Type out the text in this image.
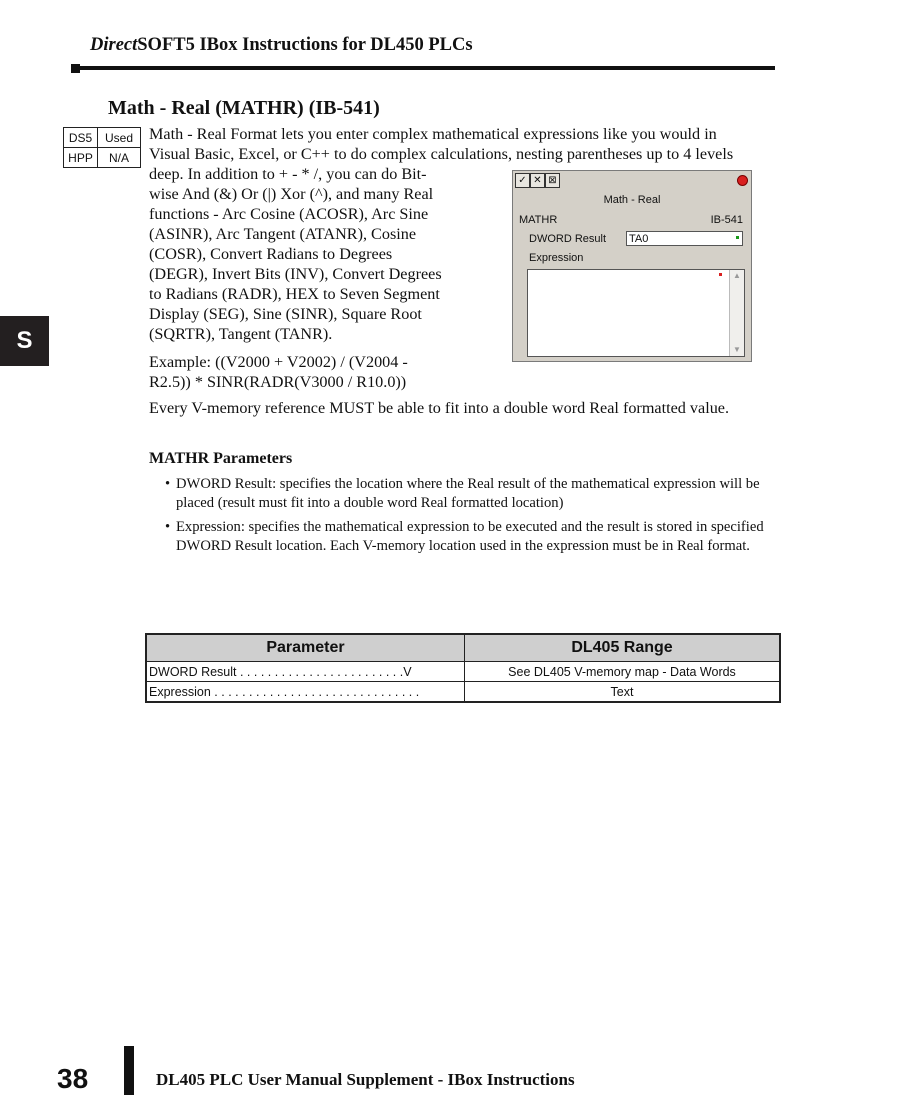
DirectSOFT5 IBox Instructions for DL450 PLCs
S
Math - Real (MATHR) (IB-541)
DS5	Used
HPP	N/A
Math - Real Format lets you enter complex mathematical expressions like you would in
Visual Basic, Excel, or C++ to do complex calculations, nesting parentheses up to 4 levels
deep. In addition to + - * /, you can do Bit-
wise And (&) Or (|) Xor (^), and many Real
functions - Arc Cosine (ACOSR), Arc Sine
(ASINR), Arc Tangent (ATANR), Cosine
(COSR), Convert Radians to Degrees
(DEGR), Invert Bits (INV), Convert Degrees
to Radians (RADR), HEX to Seven Segment
Display (SEG), Sine (SINR), Square Root
(SQRTR), Tangent (TANR).
Example: ((V2000 + V2002) / (V2004 -
R2.5)) * SINR(RADR(V3000 / R10.0))
Every V-memory reference MUST be able to fit into a double word Real formatted value.
✓ ✕ ⊠
Math - Real
MATHR	IB-541
DWORD Result TA0
Expression
▲
▼
MATHR Parameters
• DWORD Result: specifies the location where the Real result of the mathematical expression will be
placed (result must fit into a double word Real formatted location)
• Expression: specifies the mathematical expression to be executed and the result is stored in specified
DWORD Result location. Each V-memory location used in the expression must be in Real format.
Parameter	DL405 Range
DWORD Result . . . . . . . . . . . . . . . . . . . . . . . .V	See DL405 V-memory map - Data Words
Expression . . . . . . . . . . . . . . . . . . . . . . . . . . . . . .	Text
38	DL405 PLC User Manual Supplement - IBox Instructions
